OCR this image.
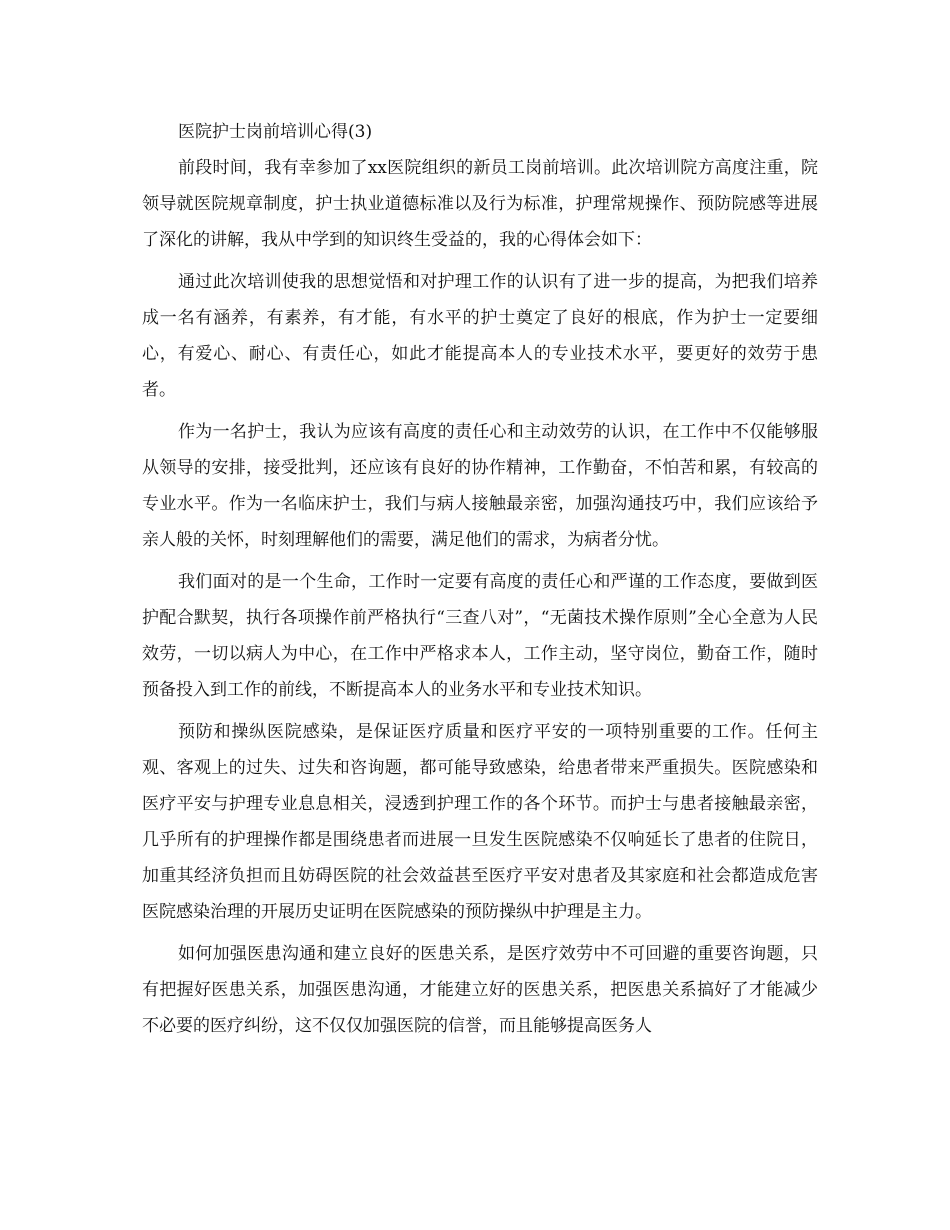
医院护士岗前培训心得(3)

前段时间，我有幸参加了xx医院组织的新员工岗前培训。此次培训院方高度注重，院领导就医院规章制度，护士执业道德标准以及行为标准，护理常规操作、预防院感等进展了深化的讲解，我从中学到的知识终生受益的，我的心得体会如下：

通过此次培训使我的思想觉悟和对护理工作的认识有了进一步的提高，为把我们培养成一名有涵养，有素养，有才能，有水平的护士奠定了良好的根底，作为护士一定要细心，有爱心、耐心、有责任心，如此才能提高本人的专业技术水平，要更好的效劳于患者。

作为一名护士，我认为应该有高度的责任心和主动效劳的认识，在工作中不仅能够服从领导的安排，接受批判，还应该有良好的协作精神，工作勤奋，不怕苦和累，有较高的专业水平。作为一名临床护士，我们与病人接触最亲密，加强沟通技巧中，我们应该给予亲人般的关怀，时刻理解他们的需要，满足他们的需求，为病者分忧。

我们面对的是一个生命，工作时一定要有高度的责任心和严谨的工作态度，要做到医护配合默契，执行各项操作前严格执行“三查八对”，“无菌技术操作原则”全心全意为人民效劳，一切以病人为中心，在工作中严格求本人，工作主动，坚守岗位，勤奋工作，随时预备投入到工作的前线，不断提高本人的业务水平和专业技术知识。

预防和操纵医院感染，是保证医疗质量和医疗平安的一项特别重要的工作。任何主观、客观上的过失、过失和咨询题，都可能导致感染，给患者带来严重损失。医院感染和医疗平安与护理专业息息相关，浸透到护理工作的各个环节。而护士与患者接触最亲密，几乎所有的护理操作都是围绕患者而进展一旦发生医院感染不仅响延长了患者的住院日，加重其经济负担而且妨碍医院的社会效益甚至医疗平安对患者及其家庭和社会都造成危害医院感染治理的开展历史证明在医院感染的预防操纵中护理是主力。

如何加强医患沟通和建立良好的医患关系，是医疗效劳中不可回避的重要咨询题，只有把握好医患关系，加强医患沟通，才能建立好的医患关系，把医患关系搞好了才能减少不必要的医疗纠纷，这不仅仅加强医院的信誉，而且能够提高医务人
